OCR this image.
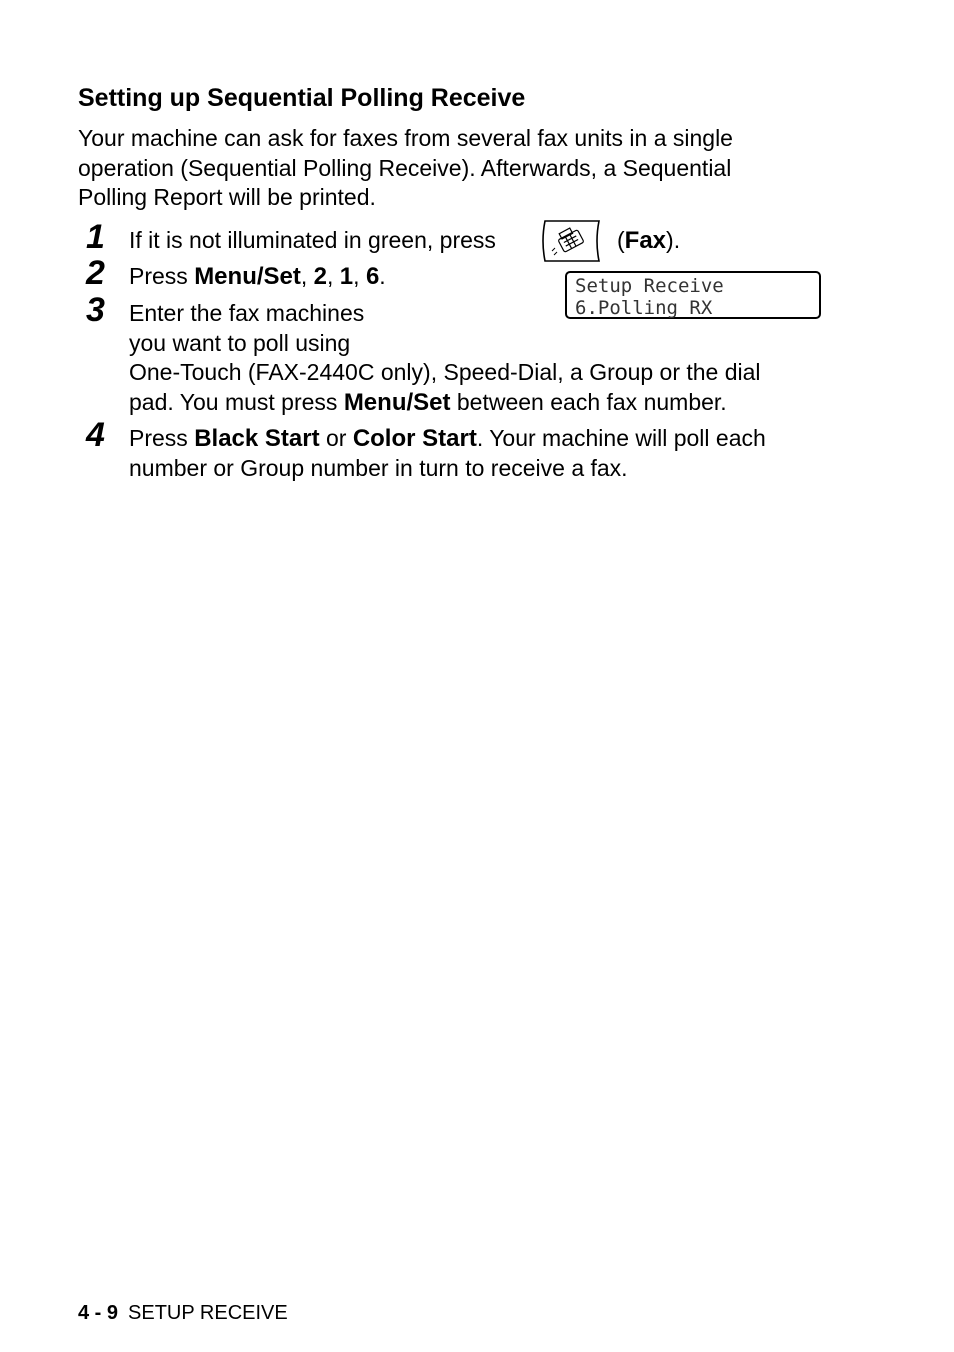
Setting up Sequential Polling Receive
Your machine can ask for faxes from several fax units in a single
operation (Sequential Polling Receive). Afterwards, a Sequential
Polling Report will be printed.
1	If it is not illuminated in green, press	(Fax).
2	Press Menu/Set, 2, 1, 6.	Setup Receive
6.Polling RX
3	Enter the fax machines
you want to poll using
One-Touch (FAX-2440C only), Speed-Dial, a Group or the dial
pad. You must press Menu/Set between each fax number.
4	Press Black Start or Color Start. Your machine will poll each
number or Group number in turn to receive a fax.
4 - 9 SETUP RECEIVE
